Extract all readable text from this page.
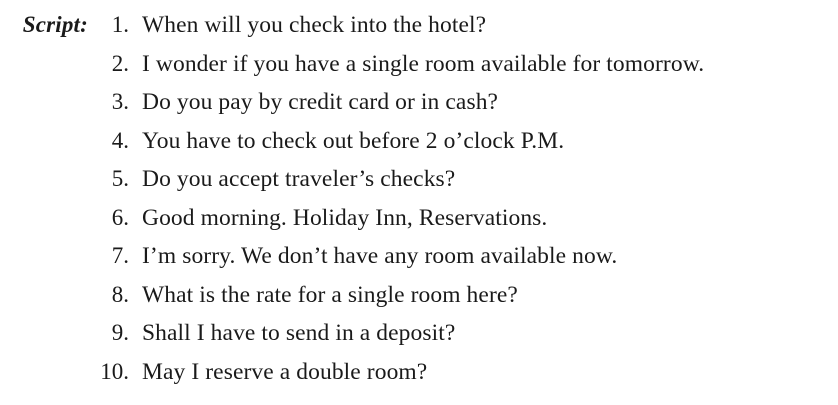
Script:	1. When will you check into the hotel?
2. I wonder if you have a single room available for tomorrow.
3. Do you pay by credit card or in cash?
4. You have to check out before 2 o’clock P.M.
5. Do you accept traveler’s checks?
6. Good morning. Holiday Inn, Reservations.
7. I’m sorry. We don’t have any room available now.
8. What is the rate for a single room here?
9. Shall I have to send in a deposit?
10. May I reserve a double room?
